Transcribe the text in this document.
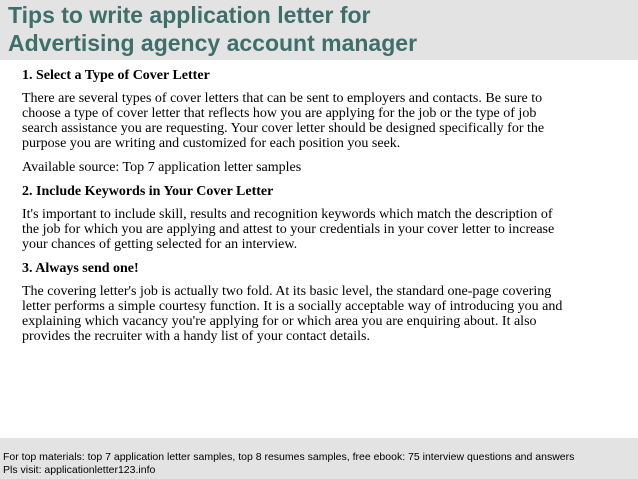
Tips to write application letter for
Advertising agency account manager
1. Select a Type of Cover Letter
There are several types of cover letters that can be sent to employers and contacts. Be sure to
choose a type of cover letter that reflects how you are applying for the job or the type of job
search assistance you are requesting. Your cover letter should be designed specifically for the
purpose you are writing and customized for each position you seek.
Available source: Top 7 application letter samples
2. Include Keywords in Your Cover Letter
It's important to include skill, results and recognition keywords which match the description of
the job for which you are applying and attest to your credentials in your cover letter to increase
your chances of getting selected for an interview.
3. Always send one!
The covering letter's job is actually two fold. At its basic level, the standard one-page covering
letter performs a simple courtesy function. It is a socially acceptable way of introducing you and
explaining which vacancy you're applying for or which area you are enquiring about. It also
provides the recruiter with a handy list of your contact details.
For top materials: top 7 application letter samples, top 8 resumes samples, free ebook: 75 interview questions and answers
Pls visit: applicationletter123.info
